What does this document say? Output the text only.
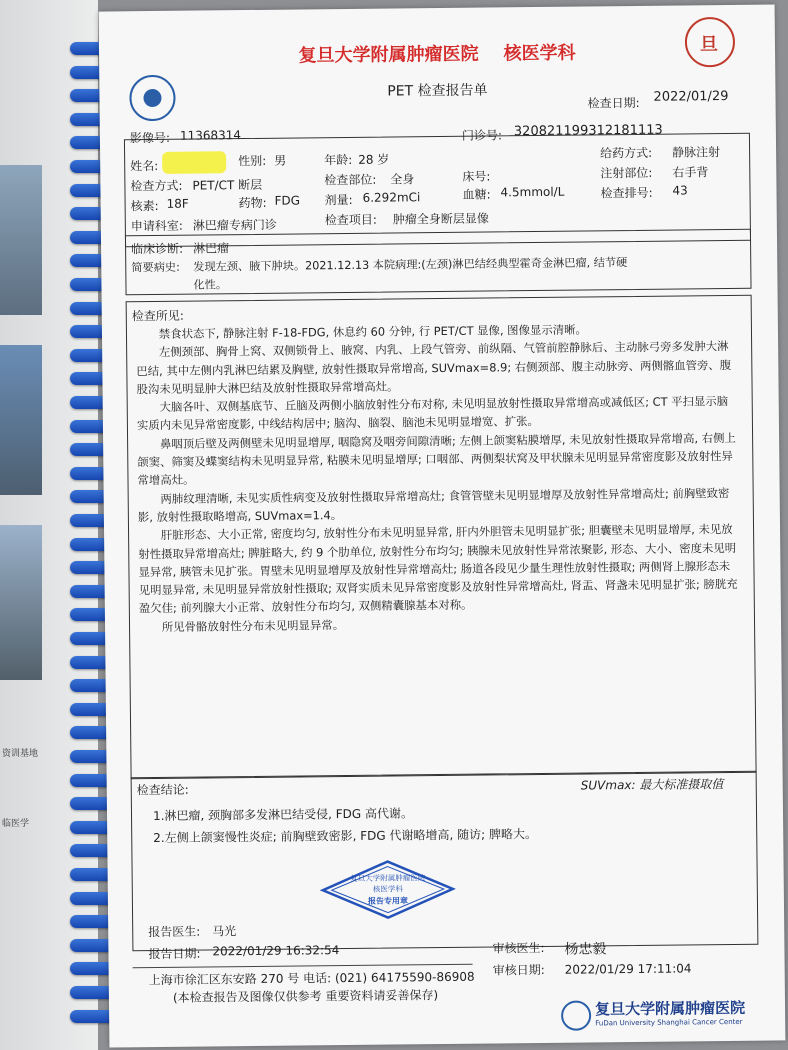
资训基地
临医学
旦
复旦大学附属肿瘤医院 核医学科
PET 检查报告单
检查日期: 2022/01/29
影像号: 11368314	门诊号: 320821199312181113
姓名:	性别: 男	年龄: 28 岁	给药方式: 静脉注射
检查方式: PET/CT 断层	检查部位: 全身	床号:	注射部位: 右手背
核素: 18F	药物: FDG 剂量: 6.292mCi	血糖: 4.5mmol/L	检查排号: 43
申请科室: 淋巴瘤专病门诊	检查项目: 肿瘤全身断层显像
临床诊断: 淋巴瘤
简要病史: 发现左颈、腋下肿块。2021.12.13 本院病理:(左颈)淋巴结经典型霍奇金淋巴瘤, 结节硬
化性。
检查所见:

禁食状态下, 静脉注射 F-18-FDG, 休息约 60 分钟, 行 PET/CT 显像, 图像显示清晰。

左侧颈部、胸骨上窝、双侧锁骨上、腋窝、内乳、上段气管旁、前纵隔、气管前腔静脉后、主动脉弓旁多发肿大淋巴结, 其中左侧内乳淋巴结累及胸壁, 放射性摄取异常增高, SUVmax=8.9; 右侧颈部、腹主动脉旁、两侧髂血管旁、腹股沟未见明显肿大淋巴结及放射性摄取异常增高灶。

大脑各叶、双侧基底节、丘脑及两侧小脑放射性分布对称, 未见明显放射性摄取异常增高或减低区; CT 平扫显示脑实质内未见异常密度影, 中线结构居中; 脑沟、脑裂、脑池未见明显增宽、扩张。

鼻咽顶后壁及两侧壁未见明显增厚, 咽隐窝及咽旁间隙清晰; 左侧上颌窦粘膜增厚, 未见放射性摄取异常增高, 右侧上颌窦、筛窦及蝶窦结构未见明显异常, 粘膜未见明显增厚; 口咽部、两侧梨状窝及甲状腺未见明显异常密度影及放射性异常增高灶。

两肺纹理清晰, 未见实质性病变及放射性摄取异常增高灶; 食管管壁未见明显增厚及放射性异常增高灶; 前胸壁致密影, 放射性摄取略增高, SUVmax=1.4。

肝脏形态、大小正常, 密度均匀, 放射性分布未见明显异常, 肝内外胆管未见明显扩张; 胆囊壁未见明显增厚, 未见放射性摄取异常增高灶; 脾脏略大, 约 9 个肋单位, 放射性分布均匀; 胰腺未见放射性异常浓聚影, 形态、大小、密度未见明显异常, 胰管未见扩张。胃壁未见明显增厚及放射性异常增高灶; 肠道各段见少量生理性放射性摄取; 两侧肾上腺形态未见明显异常, 未见明显异常放射性摄取; 双肾实质未见异常密度影及放射性异常增高灶, 肾盂、肾盏未见明显扩张; 膀胱充盈欠佳; 前列腺大小正常、放射性分布均匀, 双侧精囊腺基本对称。

所见骨骼放射性分布未见明显异常。

检查结论:	SUVmax: 最大标准摄取值
1.淋巴瘤, 颈胸部多发淋巴结受侵, FDG 高代谢。
2.左侧上颌窦慢性炎症; 前胸壁致密影, FDG 代谢略增高, 随访; 脾略大。
复旦大学附属肿瘤医院
核医学科
报告专用章
报告医生: 马光
报告日期: 2022/01/29 16:32:54	审核医生: 杨忠毅
审核日期: 2022/01/29 17:11:04
上海市徐汇区东安路 270 号 电话: (021) 64175590-86908
(本检查报告及图像仅供参考 重要资料请妥善保存)
复旦大学附属肿瘤医院
FuDan University Shanghai Cancer Center
